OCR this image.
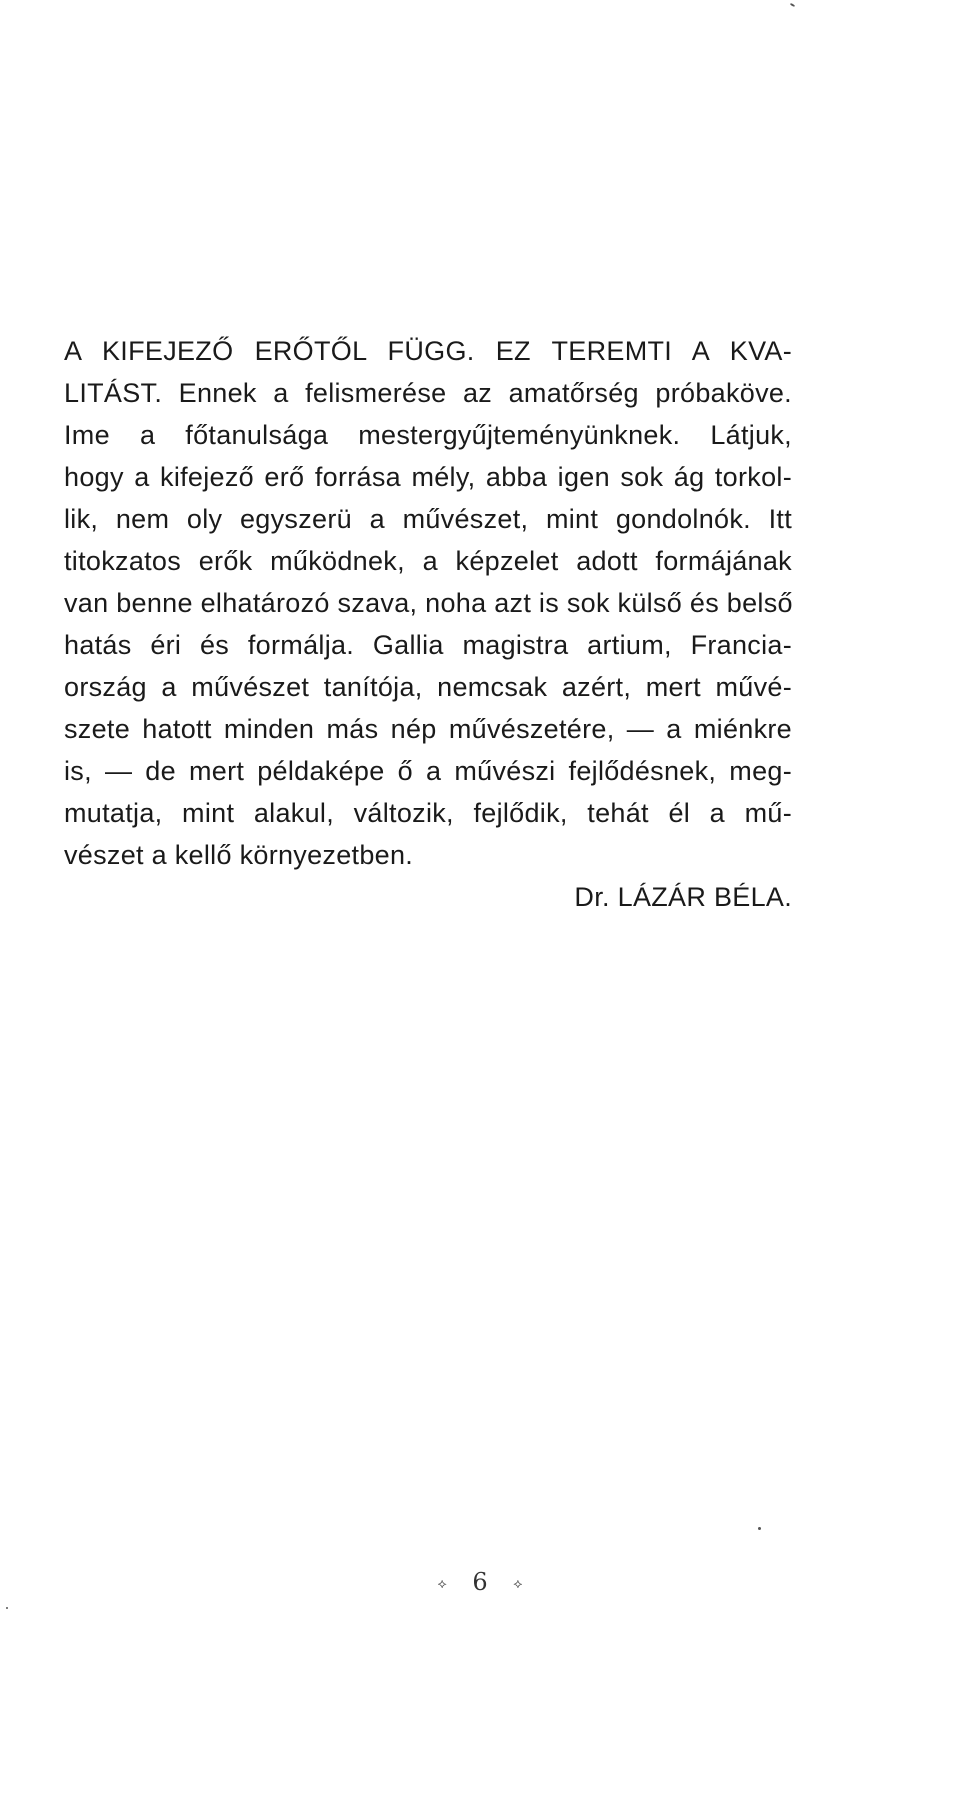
A KIFEJEZŐ ERŐTŐL FÜGG. EZ TEREMTI A KVA-
LITÁST. Ennek a felismerése az amatőrség próbaköve.
Ime a főtanulsága mestergyűjteményünknek. Látjuk,
hogy a kifejező erő forrása mély, abba igen sok ág torkol-
lik, nem oly egyszerü a művészet, mint gondolnók. Itt
titokzatos erők működnek, a képzelet adott formájának
van benne elhatározó szava, noha azt is sok külső és belső
hatás éri és formálja. Gallia magistra artium, Francia-
ország a művészet tanítója, nemcsak azért, mert művé-
szete hatott minden más nép művészetére, — a miénkre
is, — de mert példaképe ő a művészi fejlődésnek, meg-
mutatja, mint alakul, változik, fejlődik, tehát él a mű-
vészet a kellő környezetben.
Dr. LÁZÁR BÉLA.
⟡ 6 ⟡
